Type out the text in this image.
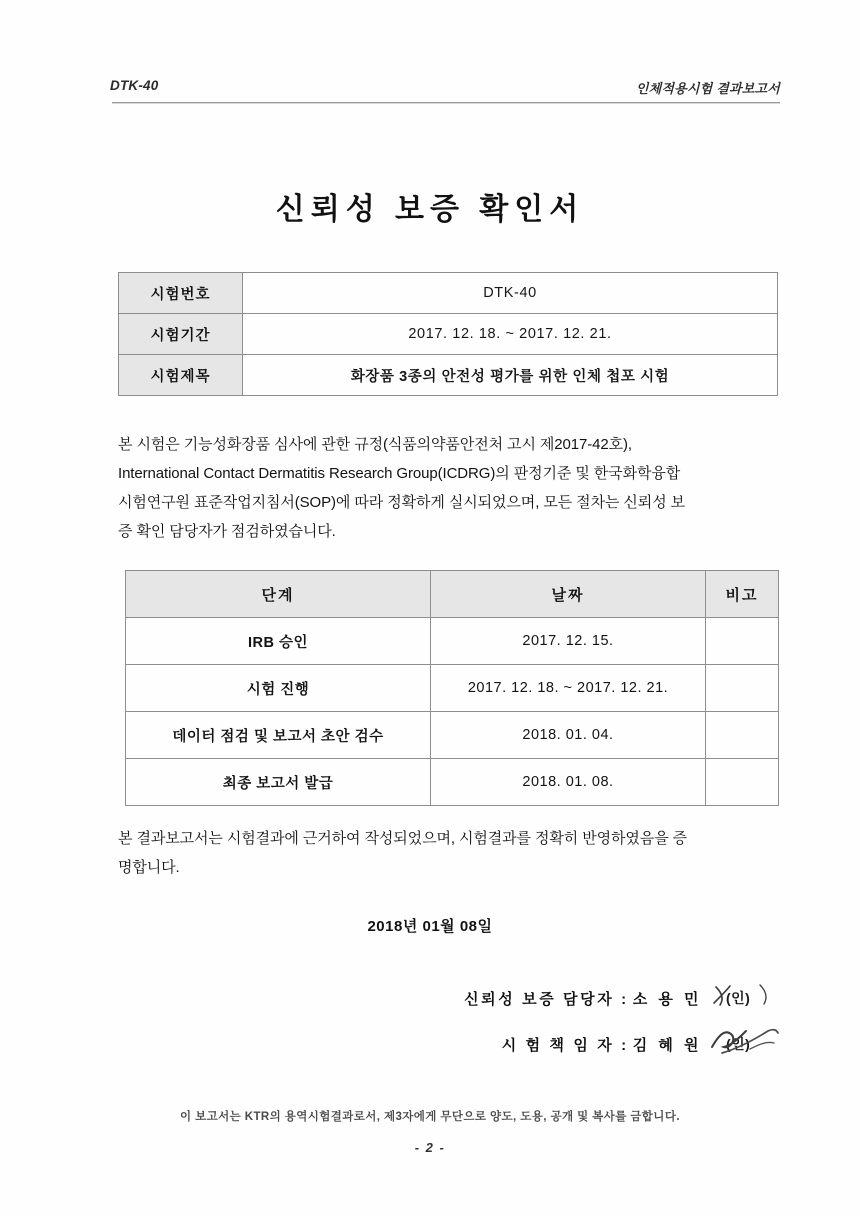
DTK-40	인체적용시험 결과보고서
신뢰성 보증 확인서
시험번호	DTK-40
시험기간	2017. 12. 18. ~ 2017. 12. 21.
시험제목	화장품 3종의 안전성 평가를 위한 인체 첩포 시험
본 시험은 기능성화장품 심사에 관한 규정(식품의약품안전처 고시 제2017-42호),
International Contact Dermatitis Research Group(ICDRG)의 판정기준 및 한국화학융합
시험연구원 표준작업지침서(SOP)에 따라 정확하게 실시되었으며, 모든 절차는 신뢰성 보
증 확인 담당자가 점검하였습니다.
단계	날짜	비고
IRB 승인	2017. 12. 15.	
시험 진행	2017. 12. 18. ~ 2017. 12. 21.	
데이터 점검 및 보고서 초안 검수	2018. 01. 04.	
최종 보고서 발급	2018. 01. 08.	
본 결과보고서는 시험결과에 근거하여 작성되었으며, 시험결과를 정확히 반영하였음을 증
명합니다.
2018년 01월 08일
신뢰성 보증 담당자 : 소 용 민 (인)
시 험 책 임 자 : 김 혜 원 (인)
이 보고서는 KTR의 용역시험결과로서, 제3자에게 무단으로 양도, 도용, 공개 및 복사를 금합니다.
- 2 -
